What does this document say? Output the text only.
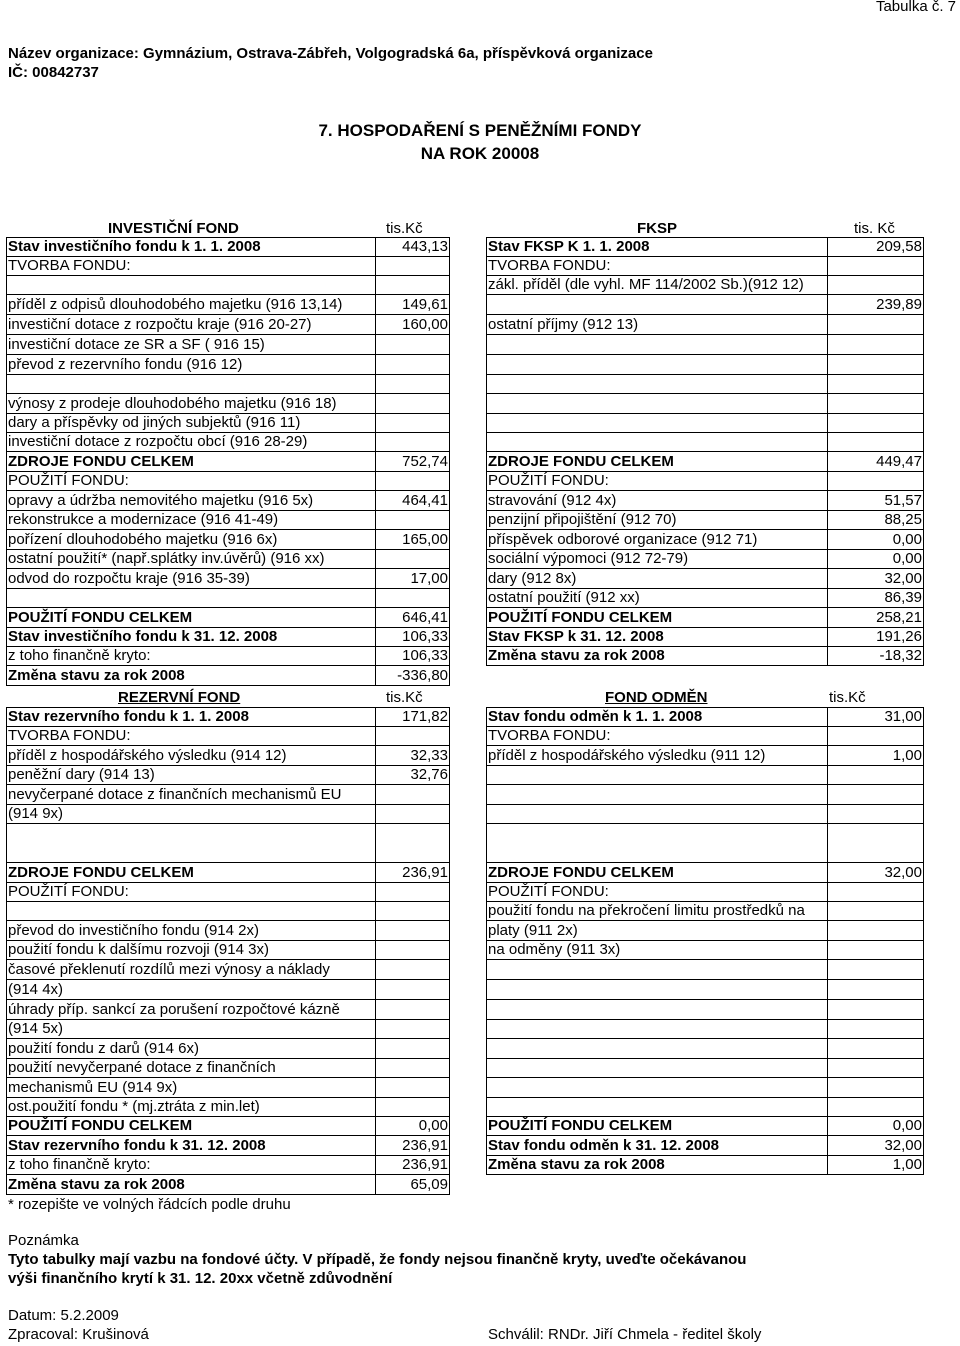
Tabulka č. 7
Název organizace: Gymnázium, Ostrava-Zábřeh, Volgogradská 6a, příspěvková organizace
IČ: 00842737
7. HOSPODAŘENÍ S PENĚŽNÍMI FONDY
NA ROK 20008
INVESTIČNÍ FOND	tis.Kč
Stav investičního fondu k 1. 1. 2008	443,13
TVORBA FONDU:	

příděl z odpisů dlouhodobého majetku (916 13,14)	149,61
investiční dotace z rozpočtu kraje (916 20-27)	160,00
investiční dotace ze SR a SF ( 916 15)	
převod z rezervního fondu (916 12)	

výnosy z prodeje dlouhodobého majetku (916 18)	
dary a příspěvky od jiných subjektů (916 11)	
investiční dotace z rozpočtu obcí (916 28-29)	
ZDROJE FONDU CELKEM	752,74
POUŽITÍ FONDU:	
opravy a údržba nemovitého majetku (916 5x)	464,41
rekonstrukce a modernizace (916 41-49)	
pořízení dlouhodobého majetku (916 6x)	165,00
ostatní použití* (např.splátky inv.úvěrů) (916 xx)	
odvod do rozpočtu kraje (916 35-39)	17,00

POUŽITÍ FONDU CELKEM	646,41
Stav investičního fondu k 31. 12. 2008	106,33
z toho finančně kryto:	106,33
Změna stavu za rok 2008	-336,80
FKSP	tis. Kč
Stav FKSP K 1. 1. 2008	209,58
TVORBA FONDU:	
zákl. příděl (dle vyhl. MF 114/2002 Sb.)(912 12)	
	239,89
ostatní příjmy (912 13)	

ZDROJE FONDU CELKEM	449,47
POUŽITÍ FONDU:	
stravování (912 4x)	51,57
penzijní připojištění (912 70)	88,25
příspěvek odborové organizace (912 71)	0,00
sociální výpomoci (912 72-79)	0,00
dary (912 8x)	32,00
ostatní použití (912 xx)	86,39
POUŽITÍ FONDU CELKEM	258,21
Stav FKSP k 31. 12. 2008	191,26
Změna stavu za rok 2008	-18,32
REZERVNÍ FOND	tis.Kč
Stav rezervního fondu k 1. 1. 2008	171,82
TVORBA FONDU:	
příděl z hospodářského výsledku (914 12)	32,33
peněžní dary (914 13)	32,76
nevyčerpané dotace z finančních mechanismů EU	
(914 9x)	

ZDROJE FONDU CELKEM	236,91
POUŽITÍ FONDU:	

převod do investičního fondu (914 2x)	
použití fondu k dalšímu rozvoji (914 3x)	
časové překlenutí rozdílů mezi výnosy a náklady	
(914 4x)	
úhrady příp. sankcí za porušení rozpočtové kázně	
(914 5x)	
použití fondu z darů (914 6x)	
použití nevyčerpané dotace z finančních	
mechanismů EU (914 9x)	
ost.použití fondu * (mj.ztráta z min.let)	
POUŽITÍ FONDU CELKEM	0,00
Stav rezervního fondu k 31. 12. 2008	236,91
z toho finančně kryto:	236,91
Změna stavu za rok 2008	65,09
FOND ODMĚN	tis.Kč
Stav fondu odměn k 1. 1. 2008	31,00
TVORBA FONDU:	
příděl z hospodářského výsledku (911 12)	1,00

ZDROJE FONDU CELKEM	32,00
POUŽITÍ FONDU:	
použití fondu na překročení limitu prostředků na	
platy (911 2x)	
na odměny (911 3x)	

POUŽITÍ FONDU CELKEM	0,00
Stav fondu odměn k 31. 12. 2008	32,00
Změna stavu za rok 2008	1,00
* rozepište ve volných řádcích podle druhu
Poznámka
Tyto tabulky mají vazbu na fondové účty. V případě, že fondy nejsou finančně kryty, uveďte očekávanou
výši finančního krytí k 31. 12. 20xx včetně zdůvodnění
Datum: 5.2.2009
Zpracoval: Krušinová	Schválil: RNDr. Jiří Chmela - ředitel školy
